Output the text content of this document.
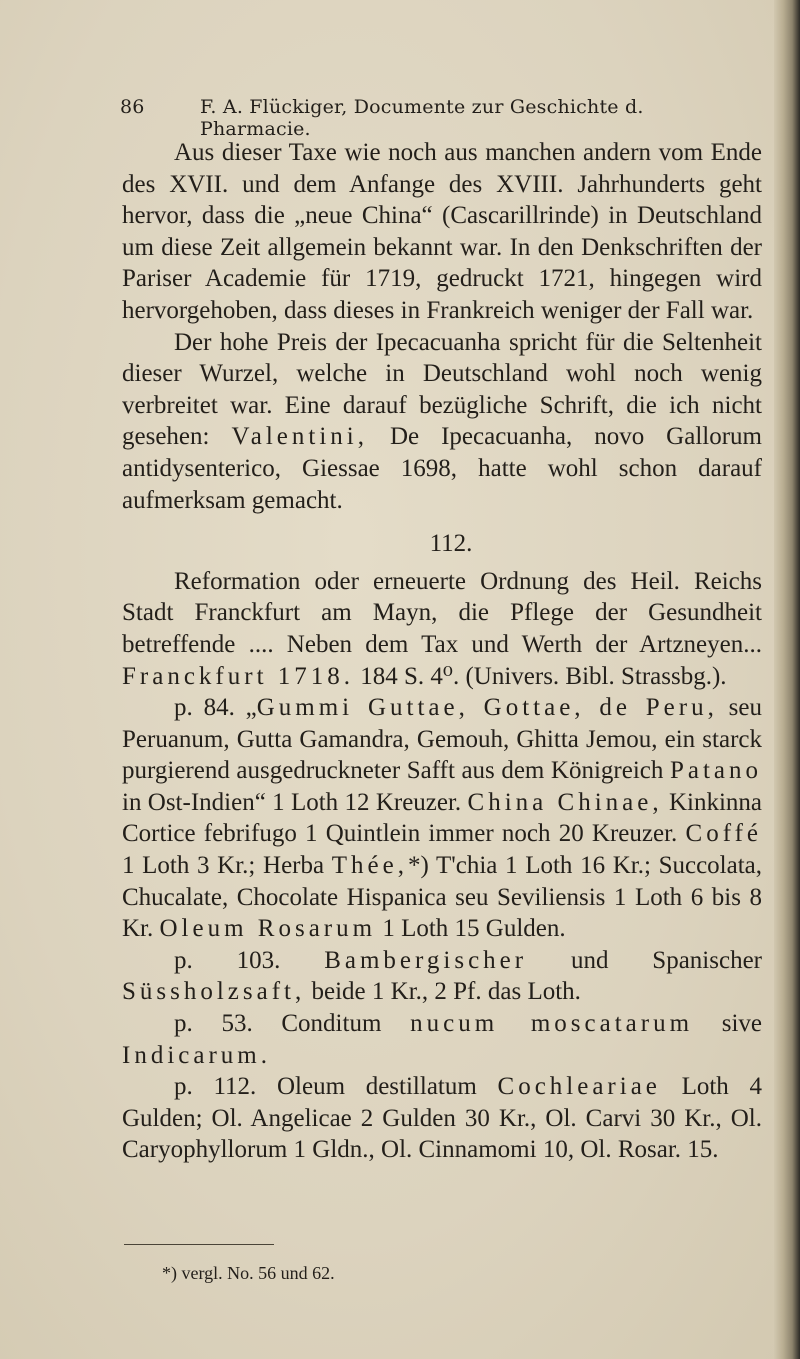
86	F. A. Flückiger, Documente zur Geschichte d. Pharmacie.

Aus dieser Taxe wie noch aus manchen andern vom Ende des XVII. und dem Anfange des XVIII. Jahrhunderts geht hervor, dass die „neue China“ (Cascarillrinde) in Deutschland um diese Zeit allgemein bekannt war. In den Denkschriften der Pariser Academie für 1719, gedruckt 1721, hingegen wird hervorgehoben, dass dieses in Frankreich weniger der Fall war.

Der hohe Preis der Ipecacuanha spricht für die Seltenheit dieser Wurzel, welche in Deutschland wohl noch wenig verbreitet war. Eine darauf bezügliche Schrift, die ich nicht gesehen: Valentini, De Ipecacuanha, novo Gallorum antidysenterico, Giessae 1698, hatte wohl schon darauf aufmerksam gemacht.

112.

Reformation oder erneuerte Ordnung des Heil. Reichs Stadt Franckfurt am Mayn, die Pflege der Gesundheit betreffende .... Neben dem Tax und Werth der Artzneyen... Franckfurt 1718. 184 S. 4⁰. (Univers. Bibl. Strassbg.).

p. 84. „Gummi Guttae, Gottae, de Peru, seu Peruanum, Gutta Gamandra, Gemouh, Ghitta Jemou, ein starck purgierend ausgedruckneter Safft aus dem Königreich Patano in Ost-Indien“ 1 Loth 12 Kreuzer. China Chinae, Kinkinna Cortice febrifugo 1 Quintlein immer noch 20 Kreuzer. Coffé 1 Loth 3 Kr.; Herba Thée,*) T'chia 1 Loth 16 Kr.; Succolata, Chucalate, Chocolate Hispanica seu Seviliensis 1 Loth 6 bis 8 Kr. Oleum Rosarum 1 Loth 15 Gulden.

p. 103. Bambergischer und Spanischer Süssholzsaft, beide 1 Kr., 2 Pf. das Loth.

p. 53. Conditum nucum moscatarum sive Indicarum.

p. 112. Oleum destillatum Cochleariae Loth 4 Gulden; Ol. Angelicae 2 Gulden 30 Kr., Ol. Carvi 30 Kr., Ol. Caryophyllorum 1 Gldn., Ol. Cinnamomi 10, Ol. Rosar. 15.

*) vergl. No. 56 und 62.
